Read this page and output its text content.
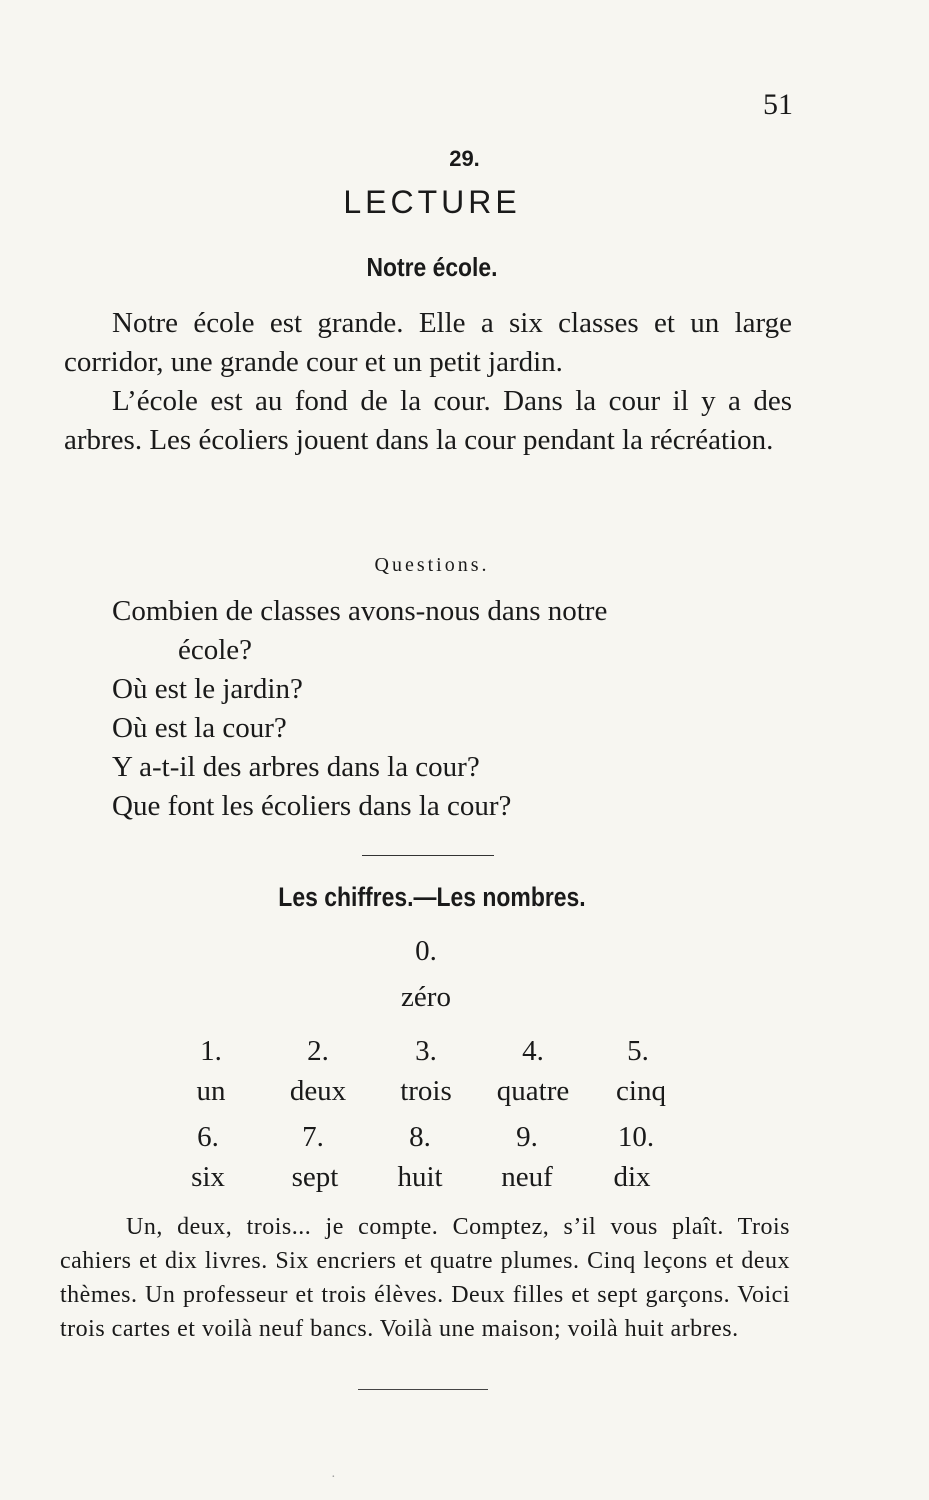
51
29.
LECTURE
Notre école.

Notre école est grande. Elle a six classes et un large corridor, une grande cour et un petit jardin.

L’école est au fond de la cour. Dans la cour il y a des arbres. Les écoliers jouent dans la cour pendant la récréation.

Questions.
Combien de classes avons-nous dans notre
école?
Où est le jardin?
Où est la cour?
Y a-t-il des arbres dans la cour?
Que font les écoliers dans la cour?
Les chiffres.—Les nombres.
0.
zéro
1.	2.	3.	4.	5.
un	deux	trois	quatre	cinq
6.	7.	8.	9.	10.
six	sept	huit	neuf	dix

Un, deux, trois... je compte. Comptez, s’il vous plaît. Trois cahiers et dix livres. Six encriers et quatre plumes. Cinq leçons et deux thèmes. Un professeur et trois élèves. Deux filles et sept garçons. Voici trois cartes et voilà neuf bancs. Voilà une maison; voilà huit arbres.

·
